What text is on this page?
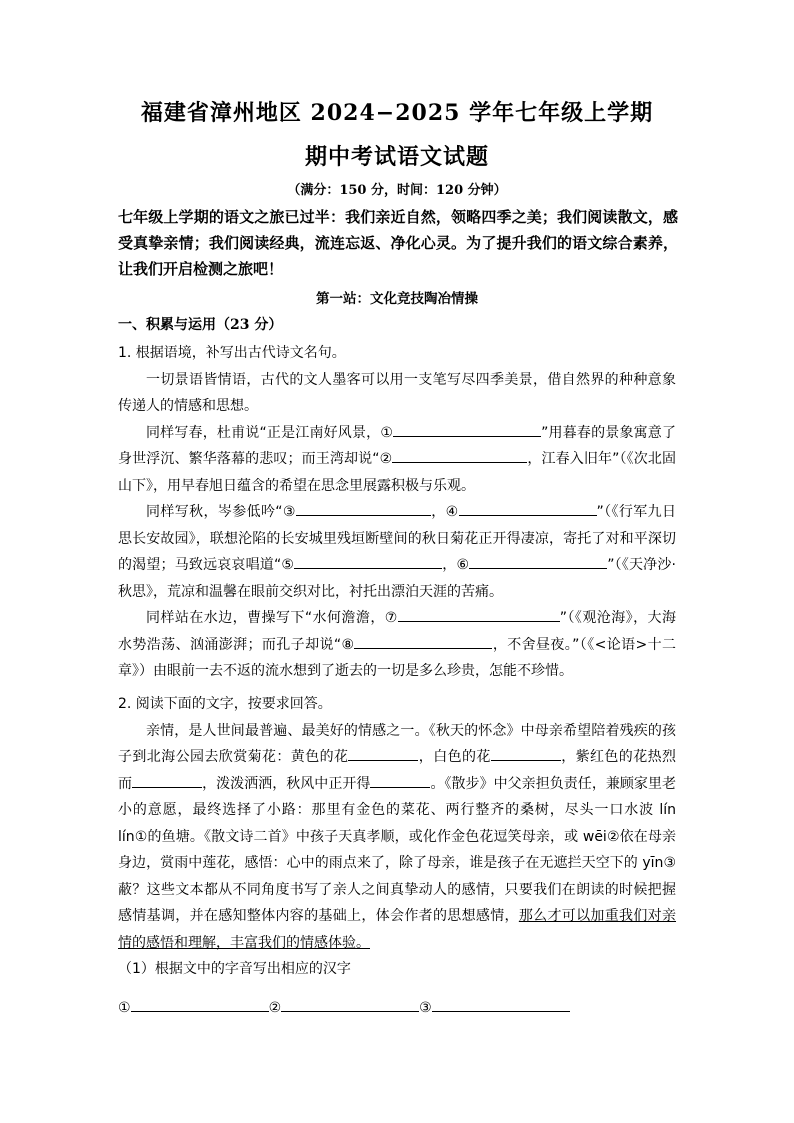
福建省漳州地区 2024−2025 学年七年级上学期
期中考试语文试题
（满分：150 分，时间：120 分钟）
七年级上学期的语文之旅已过半：我们亲近自然，领略四季之美；我们阅读散文，感受真挚亲情；我们阅读经典，流连忘返、净化心灵。为了提升我们的语文综合素养，让我们开启检测之旅吧！
第一站：文化竞技陶冶情操
一、积累与运用（23 分）

1. 根据语境，补写出古代诗文名句。

一切景语皆情语，古代的文人墨客可以用一支笔写尽四季美景，借自然界的种种意象传递人的情感和思想。

同样写春，杜甫说“正是江南好风景，①	”用暮春的景象寓意了身世浮沉、繁华落幕的悲叹；而王湾却说“②	，江春入旧年”（《次北固山下》，用早春旭日蕴含的希望在思念里展露积极与乐观。

同样写秋，岑参低吟“③	，④	”（《行军九日思长安故园》，联想沦陷的长安城里残垣断壁间的秋日菊花正开得凄凉，寄托了对和平深切的渴望；马致远哀哀唱道“⑤	，⑥	”（《天净沙·秋思》，荒凉和温馨在眼前交织对比，衬托出漂泊天涯的苦痛。

同样站在水边，曹操写下“水何澹澹，⑦	”（《观沧海》，大海水势浩荡、汹涌澎湃；而孔子却说“⑧	，不舍昼夜。”（《<论语>十二章》）由眼前一去不返的流水想到了逝去的一切是多么珍贵，怎能不珍惜。

2. 阅读下面的文字，按要求回答。

亲情，是人世间最普遍、最美好的情感之一。《秋天的怀念》中母亲希望陪着残疾的孩子到北海公园去欣赏菊花：黄色的花	，白色的花	，紫红色的花热烈而	，泼泼洒洒，秋风中正开得	。《散步》中父亲担负责任，兼顾家里老小的意愿，最终选择了小路：那里有金色的菜花、两行整齐的桑树，尽头一口水波 lín lín①的鱼塘。《散文诗二首》中孩子天真孝顺，或化作金色花逗笑母亲，或 wēi②依在母亲身边，赏雨中莲花，感悟：心中的雨点来了，除了母亲，谁是孩子在无遮拦天空下的 yīn③蔽？这些文本都从不同角度书写了亲人之间真挚动人的感情，只要我们在朗读的时候把握感情基调，并在感知整体内容的基础上，体会作者的思想感情，那么才可以加重我们对亲情的感悟和理解，丰富我们的情感体验。

（1）根据文中的字音写出相应的汉字

①	②	③
